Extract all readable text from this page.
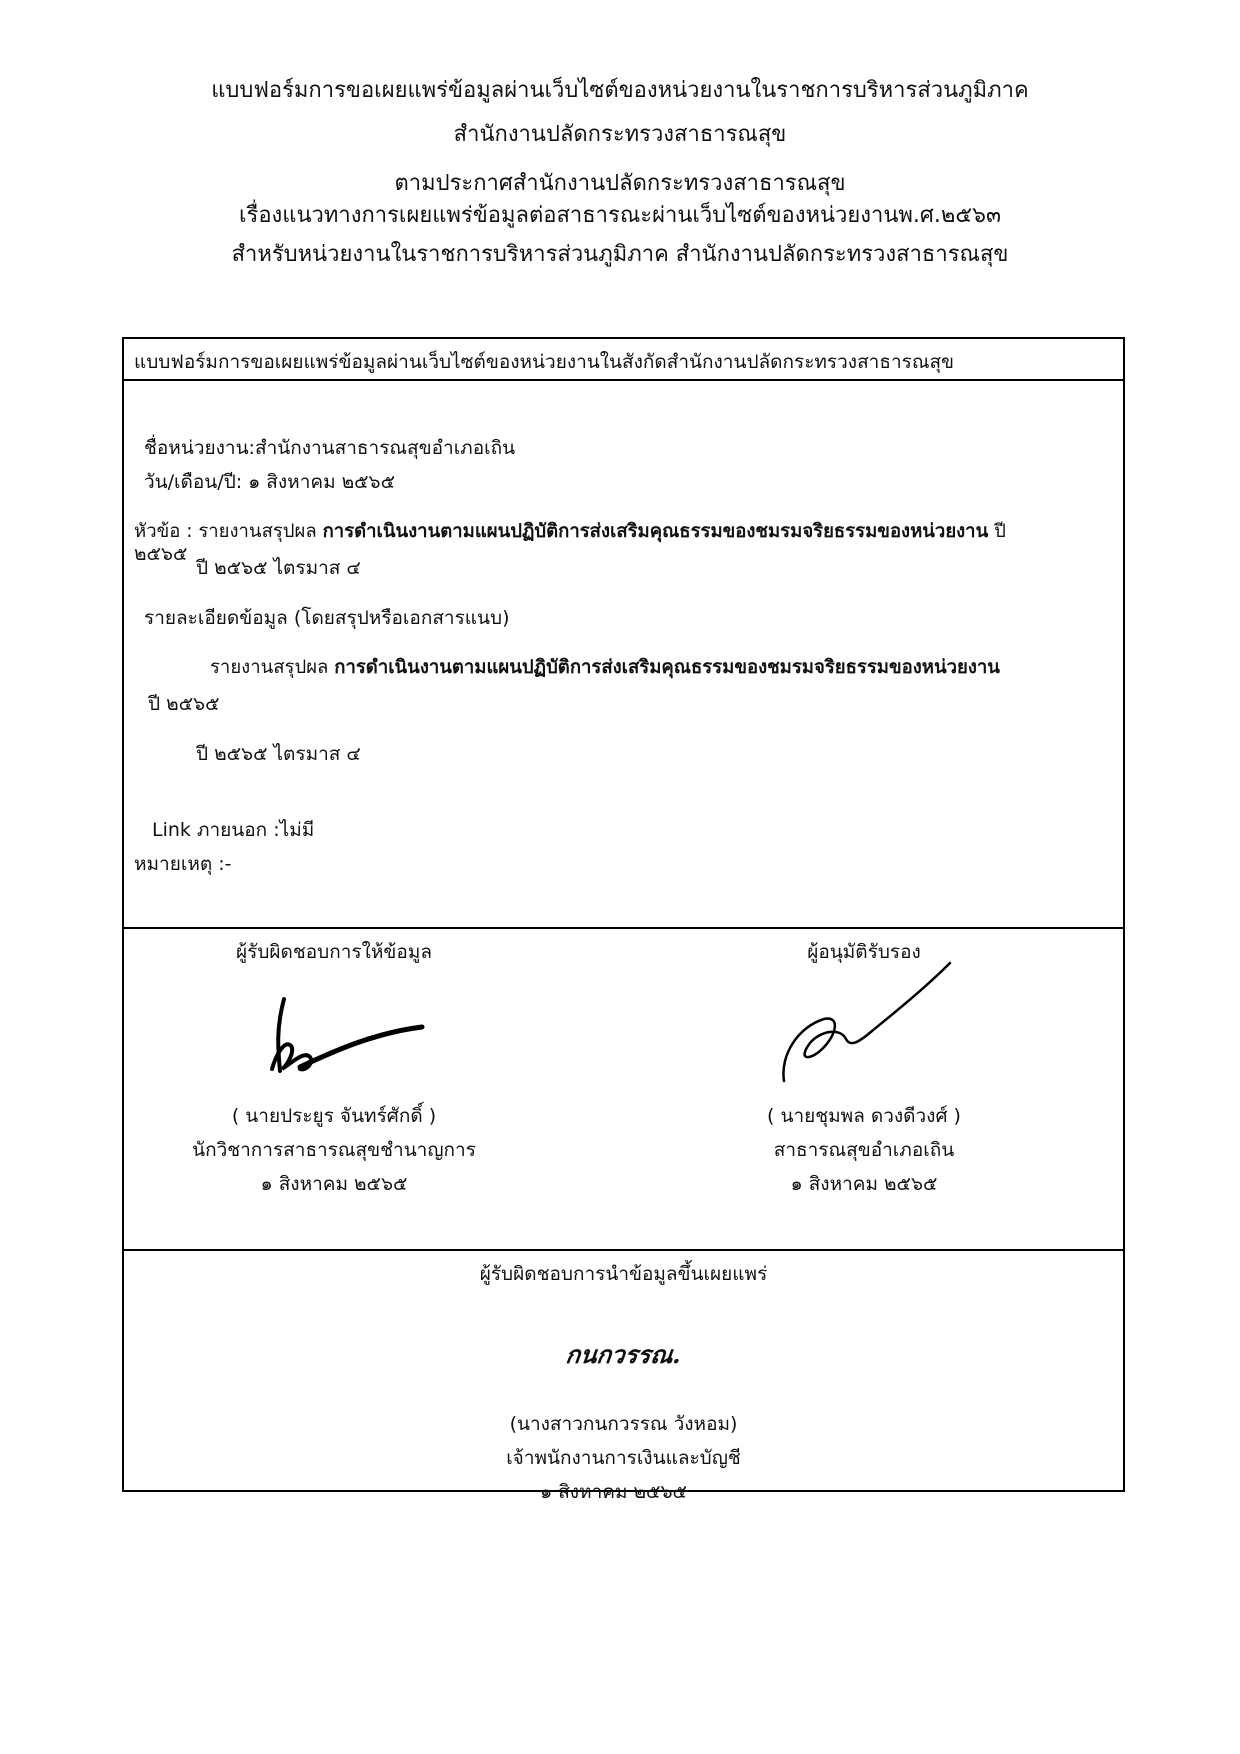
แบบฟอร์มการขอเผยแพร่ข้อมูลผ่านเว็บไซต์ของหน่วยงานในราชการบริหารส่วนภูมิภาค
สำนักงานปลัดกระทรวงสาธารณสุข
ตามประกาศสำนักงานปลัดกระทรวงสาธารณสุข
เรื่องแนวทางการเผยแพร่ข้อมูลต่อสาธารณะผ่านเว็บไซต์ของหน่วยงานพ.ศ.๒๕๖๓
สำหรับหน่วยงานในราชการบริหารส่วนภูมิภาค สำนักงานปลัดกระทรวงสาธารณสุข
แบบฟอร์มการขอเผยแพร่ข้อมูลผ่านเว็บไซต์ของหน่วยงานในสังกัดสำนักงานปลัดกระทรวงสาธารณสุข
ชื่อหน่วยงาน:สำนักงานสาธารณสุขอำเภอเถิน
วัน/เดือน/ปี: ๑ สิงหาคม ๒๕๖๕
หัวข้อ : รายงานสรุปผล การดำเนินงานตามแผนปฏิบัติการส่งเสริมคุณธรรมของชมรมจริยธรรมของหน่วยงาน ปี
๒๕๖๕
ปี ๒๕๖๕ ไตรมาส ๔
รายละเอียดข้อมูล (โดยสรุปหรือเอกสารแนบ)
รายงานสรุปผล การดำเนินงานตามแผนปฏิบัติการส่งเสริมคุณธรรมของชมรมจริยธรรมของหน่วยงาน
ปี ๒๕๖๕
ปี ๒๕๖๕ ไตรมาส ๔
Link ภายนอก :ไม่มี
หมายเหตุ :-
ผู้รับผิดชอบการให้ข้อมูล
( นายประยูร จันทร์ศักดิ์ )
นักวิชาการสาธารณสุขชำนาญการ
๑ สิงหาคม ๒๕๖๕
ผู้อนุมัติรับรอง
( นายชุมพล ดวงดีวงศ์ )
สาธารณสุขอำเภอเถิน
๑ สิงหาคม ๒๕๖๕
ผู้รับผิดชอบการนำข้อมูลขึ้นเผยแพร่
กนกวรรณ.
(นางสาวกนกวรรณ วังหอม)
เจ้าพนักงานการเงินและบัญชี
๑ สิงหาคม ๒๕๖๕
